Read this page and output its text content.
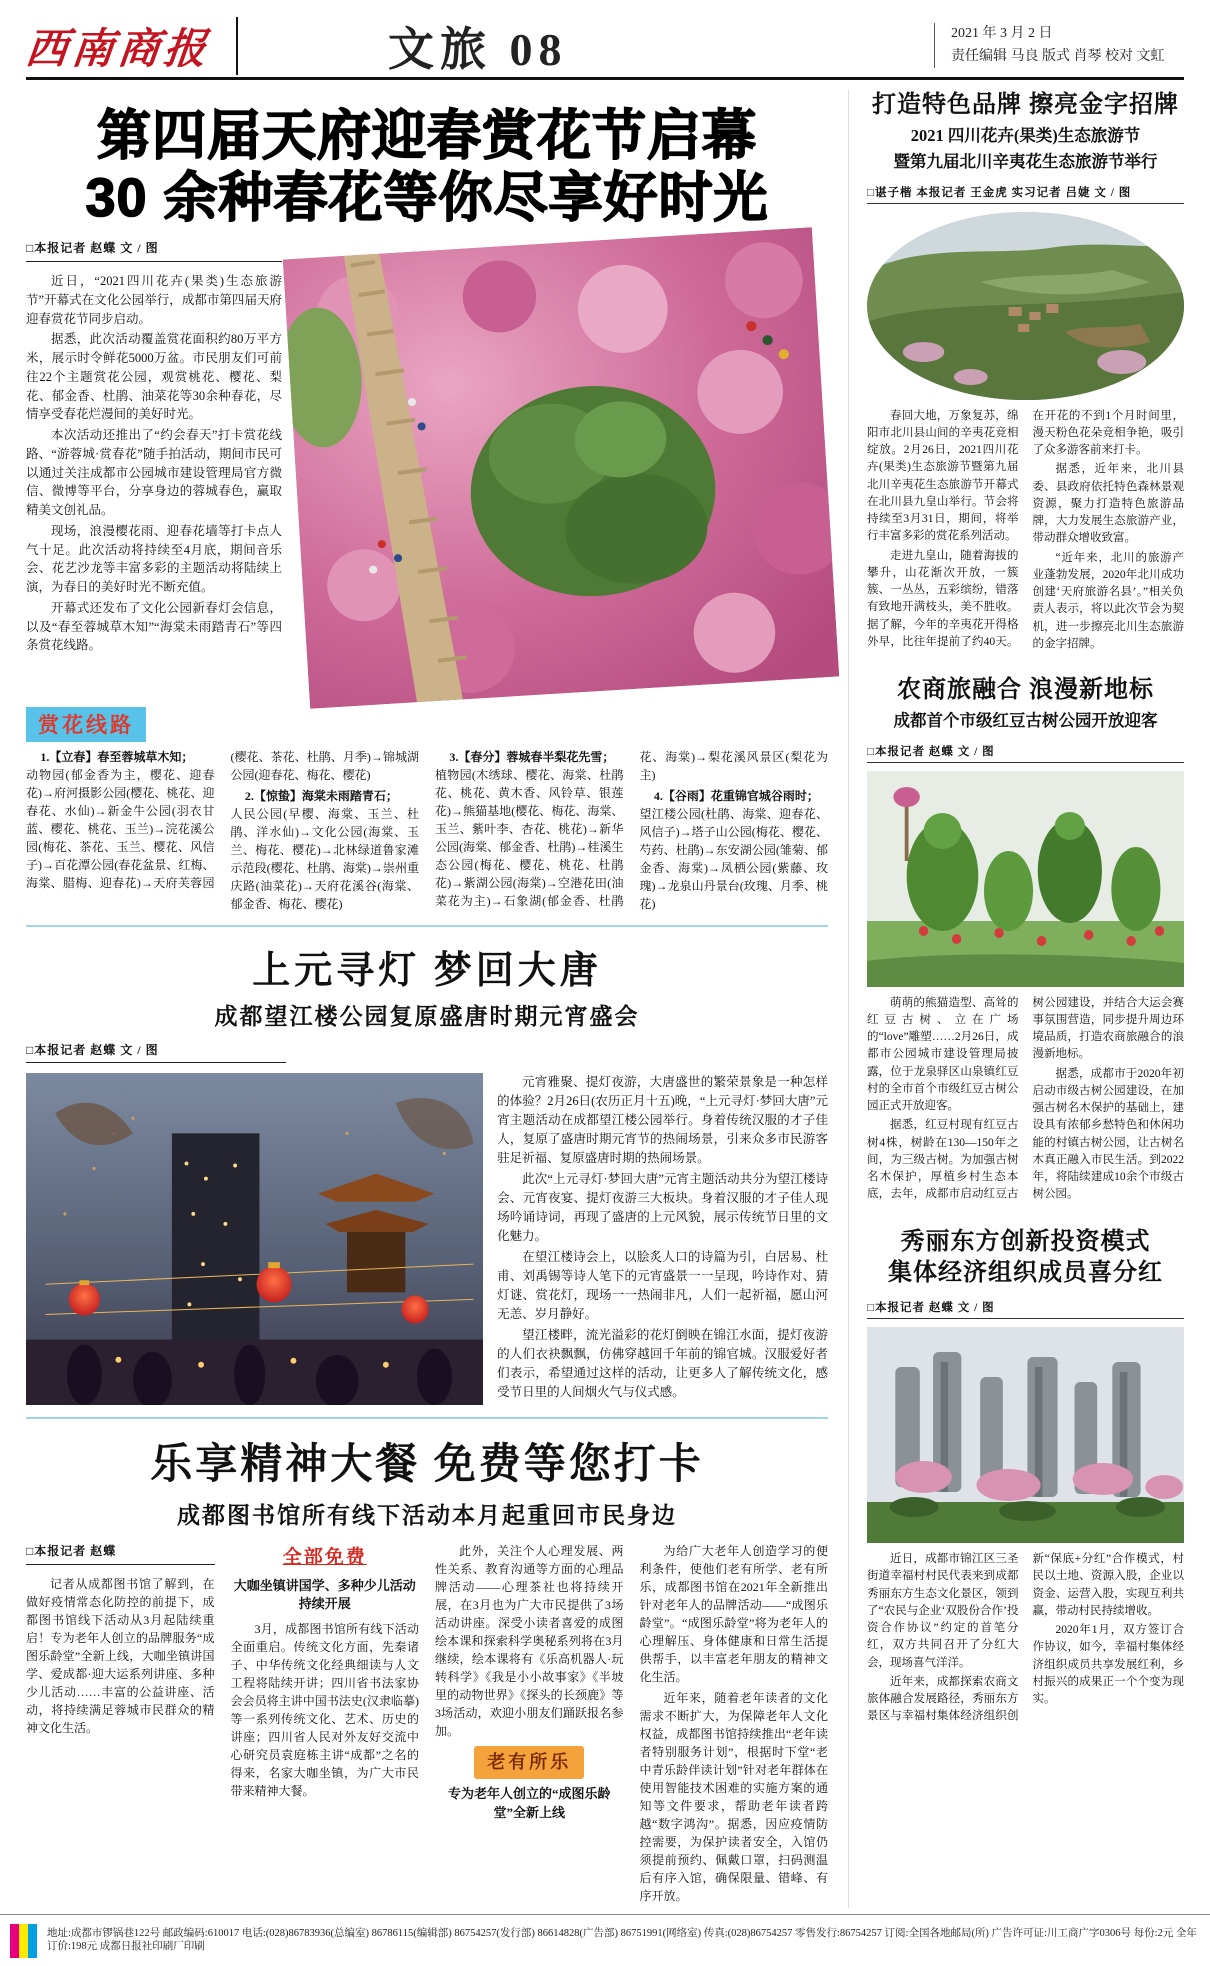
西南商报	文旅 08	2021 年 3 月 2 日
责任编辑 马良 版式 肖琴 校对 文虹
第四届天府迎春赏花节启幕
30 余种春花等你尽享好时光
□本报记者 赵蝶 文 / 图

近日，“2021四川花卉(果类)生态旅游节”开幕式在文化公园举行，成都市第四届天府迎春赏花节同步启动。

据悉，此次活动覆盖赏花面积约80万平方米，展示时令鲜花5000万盆。市民朋友们可前往22个主题赏花公园，观赏桃花、樱花、梨花、郁金香、杜鹃、油菜花等30余种春花，尽情享受春花烂漫间的美好时光。

本次活动还推出了“约会春天”打卡赏花线路、“游蓉城·赏春花”随手拍活动，期间市民可以通过关注成都市公园城市建设管理局官方微信、微博等平台，分享身边的蓉城春色，赢取精美文创礼品。

现场，浪漫樱花雨、迎春花墙等打卡点人气十足。此次活动将持续至4月底，期间音乐会、花艺沙龙等丰富多彩的主题活动将陆续上演，为春日的美好时光不断充值。

开幕式还发布了文化公园新春灯会信息，以及“春至蓉城草木知”“海棠未雨踏青石”等四条赏花线路。

赏花线路

1.【立春】春至蓉城草木知；
动物园(郁金香为主，樱花、迎春花)→府河摄影公园(樱花、桃花、迎春花、水仙)→新金牛公园(羽衣甘蓝、樱花、桃花、玉兰)→浣花溪公园(梅花、茶花、玉兰、樱花、风信子)→百花潭公园(春花盆景、红梅、海棠、腊梅、迎春花)→天府芙蓉园(樱花、茶花、杜鹃、月季)→锦城湖公园(迎春花、梅花、樱花)

2.【惊蛰】海棠未雨踏青石；
人民公园(早樱、海棠、玉兰、杜鹃、洋水仙)→文化公园(海棠、玉兰、梅花、樱花)→北林绿道鲁家滩示范段(樱花、杜鹃、海棠)→崇州重庆路(油菜花)→天府花溪谷(海棠、郁金香、梅花、樱花)

3.【春分】蓉城春半梨花先雪；
植物园(木绣球、樱花、海棠、杜鹃花、桃花、黄木香、风铃草、银莲花)→熊猫基地(樱花、梅花、海棠、玉兰、紫叶李、杏花、桃花)→新华公园(海棠、郁金香、杜鹃)→桂溪生态公园(梅花、樱花、桃花、杜鹃花)→紫湖公园(海棠)→空港花田(油菜花为主)→石象湖(郁金香、杜鹃花、海棠)→梨花溪风景区(梨花为主)

4.【谷雨】花重锦官城谷雨时；
望江楼公园(杜鹃、海棠、迎春花、风信子)→塔子山公园(梅花、樱花、芍药、杜鹃)→东安湖公园(雏菊、郁金香、海棠)→凤栖公园(紫藤、玫瑰)→龙泉山丹景台(玫瑰、月季、桃花)

上元寻灯 梦回大唐
成都望江楼公园复原盛唐时期元宵盛会
□本报记者 赵蝶 文 / 图

元宵雅聚、提灯夜游，大唐盛世的繁荣景象是一种怎样的体验？2月26日(农历正月十五)晚，“上元寻灯·梦回大唐”元宵主题活动在成都望江楼公园举行。身着传统汉服的才子佳人，复原了盛唐时期元宵节的热闹场景，引来众多市民游客驻足祈福、复原盛唐时期的热闹场景。

此次“上元寻灯·梦回大唐”元宵主题活动共分为望江楼诗会、元宵夜宴、提灯夜游三大板块。身着汉服的才子佳人现场吟诵诗词，再现了盛唐的上元风貌，展示传统节日里的文化魅力。

在望江楼诗会上，以脍炙人口的诗篇为引，白居易、杜甫、刘禹锡等诗人笔下的元宵盛景一一呈现，吟诗作对、猜灯谜、赏花灯，现场一一热闹非凡，人们一起祈福，愿山河无恙、岁月静好。

望江楼畔，流光溢彩的花灯倒映在锦江水面，提灯夜游的人们衣袂飘飘，仿佛穿越回千年前的锦官城。汉服爱好者们表示，希望通过这样的活动，让更多人了解传统文化，感受节日里的人间烟火气与仪式感。

乐享精神大餐 免费等您打卡
成都图书馆所有线下活动本月起重回市民身边
□本报记者 赵蝶

记者从成都图书馆了解到，在做好疫情常态化防控的前提下，成都图书馆线下活动从3月起陆续重启！专为老年人创立的品牌服务“成图乐龄堂”全新上线，大咖坐镇讲国学、爱成都·迎大运系列讲座、多种少儿活动……丰富的公益讲座、活动，将持续满足蓉城市民群众的精神文化生活。

全部免费
大咖坐镇讲国学、多种少儿活动持续开展

3月，成都图书馆所有线下活动全面重启。传统文化方面，先秦诸子、中华传统文化经典细读与人文工程将陆续开讲；四川省书法家协会会员将主讲中国书法史(汉隶临摹)等一系列传统文化、艺术、历史的讲座；四川省人民对外友好交流中心研究员袁庭栋主讲“成都”之名的得来，名家大咖坐镇，为广大市民带来精神大餐。

此外，关注个人心理发展、两性关系、教育沟通等方面的心理品牌活动——心理茶社也将持续开展，在3月也为广大市民提供了3场活动讲座。深受小读者喜爱的成图绘本课和探索科学奥秘系列将在3月继续，绘本课将有《乐高机器人·玩转科学》《我是小小故事家》《半坡里的动物世界》《探头的长颈鹿》等3场活动，欢迎小朋友们踊跃报名参加。

老有所乐
专为老年人创立的“成图乐龄堂”全新上线

为给广大老年人创造学习的便利条件，使他们老有所学、老有所乐，成都图书馆在2021年全新推出针对老年人的品牌活动——“成图乐龄堂”。“成图乐龄堂”将为老年人的心理解压、身体健康和日常生活提供帮手，以丰富老年朋友的精神文化生活。

近年来，随着老年读者的文化需求不断扩大，为保障老年人文化权益，成都图书馆持续推出“老年读者特别服务计划”，根据时下堂“老中青乐龄伴读计划”针对老年群体在使用智能技术困难的实施方案的通知等文件要求，帮助老年读者跨越“数字鸿沟”。据悉，因应疫情防控需要，为保护读者安全，入馆仍须提前预约、佩戴口罩，扫码测温后有序入馆，确保限量、错峰、有序开放。

打造特色品牌 擦亮金字招牌
2021 四川花卉(果类)生态旅游节
暨第九届北川辛夷花生态旅游节举行
□谌子楷 本报记者 王金虎 实习记者 吕婕 文 / 图

春回大地，万象复苏，绵阳市北川县山间的辛夷花竞相绽放。2月26日，2021四川花卉(果类)生态旅游节暨第九届北川辛夷花生态旅游节开幕式在北川县九皇山举行。节会将持续至3月31日，期间，将举行丰富多彩的赏花系列活动。

走进九皇山，随着海拔的攀升，山花渐次开放，一簇簇、一丛丛，五彩缤纷，错落有致地开满枝头，美不胜收。据了解，今年的辛夷花开得格外早，比往年提前了约40天。在开花的不到1个月时间里，漫天粉色花朵竞相争艳，吸引了众多游客前来打卡。

据悉，近年来，北川县委、县政府依托特色森林景观资源，聚力打造特色旅游品牌，大力发展生态旅游产业，带动群众增收致富。

“近年来，北川的旅游产业蓬勃发展，2020年北川成功创建‘天府旅游名县’。”相关负责人表示，将以此次节会为契机，进一步擦亮北川生态旅游的金字招牌。

农商旅融合 浪漫新地标
成都首个市级红豆古树公园开放迎客
□本报记者 赵蝶 文 / 图

萌萌的熊猫造型、高耸的红豆古树、立在广场的“love”雕塑……2月26日，成都市公园城市建设管理局披露，位于龙泉驿区山泉镇红豆村的全市首个市级红豆古树公园正式开放迎客。

据悉，红豆村现有红豆古树4株，树龄在130—150年之间，为三级古树。为加强古树名木保护，厚植乡村生态本底，去年，成都市启动红豆古树公园建设，并结合大运会赛事氛围营造，同步提升周边环境品质，打造农商旅融合的浪漫新地标。

据悉，成都市于2020年初启动市级古树公园建设，在加强古树名木保护的基础上，建设具有浓郁乡愁特色和休闲功能的村镇古树公园，让古树名木真正融入市民生活。到2022年，将陆续建成10余个市级古树公园。

秀丽东方创新投资模式
集体经济组织成员喜分红
□本报记者 赵蝶 文 / 图

近日，成都市锦江区三圣街道幸福村村民代表来到成都秀丽东方生态文化景区，领到了“农民与企业‘双股份合作’投资合作协议”约定的首笔分红，双方共同召开了分红大会，现场喜气洋洋。

近年来，成都探索农商文旅体融合发展路径，秀丽东方景区与幸福村集体经济组织创新“保底+分红”合作模式，村民以土地、资源入股，企业以资金、运营入股，实现互利共赢，带动村民持续增收。

2020年1月，双方签订合作协议，如今，幸福村集体经济组织成员共享发展红利，乡村振兴的成果正一个个变为现实。

地址:成都市锣锅巷122号 邮政编码:610017 电话:(028)86783936(总编室) 86786115(编辑部) 86754257(发行部) 86614828(广告部) 86751991(网络室) 传真:(028)86754257 零售发行:86754257 订阅:全国各地邮局(所) 广告许可证:川工商广字0306号 每份:2元 全年订价:198元 成都日报社印刷厂印刷
